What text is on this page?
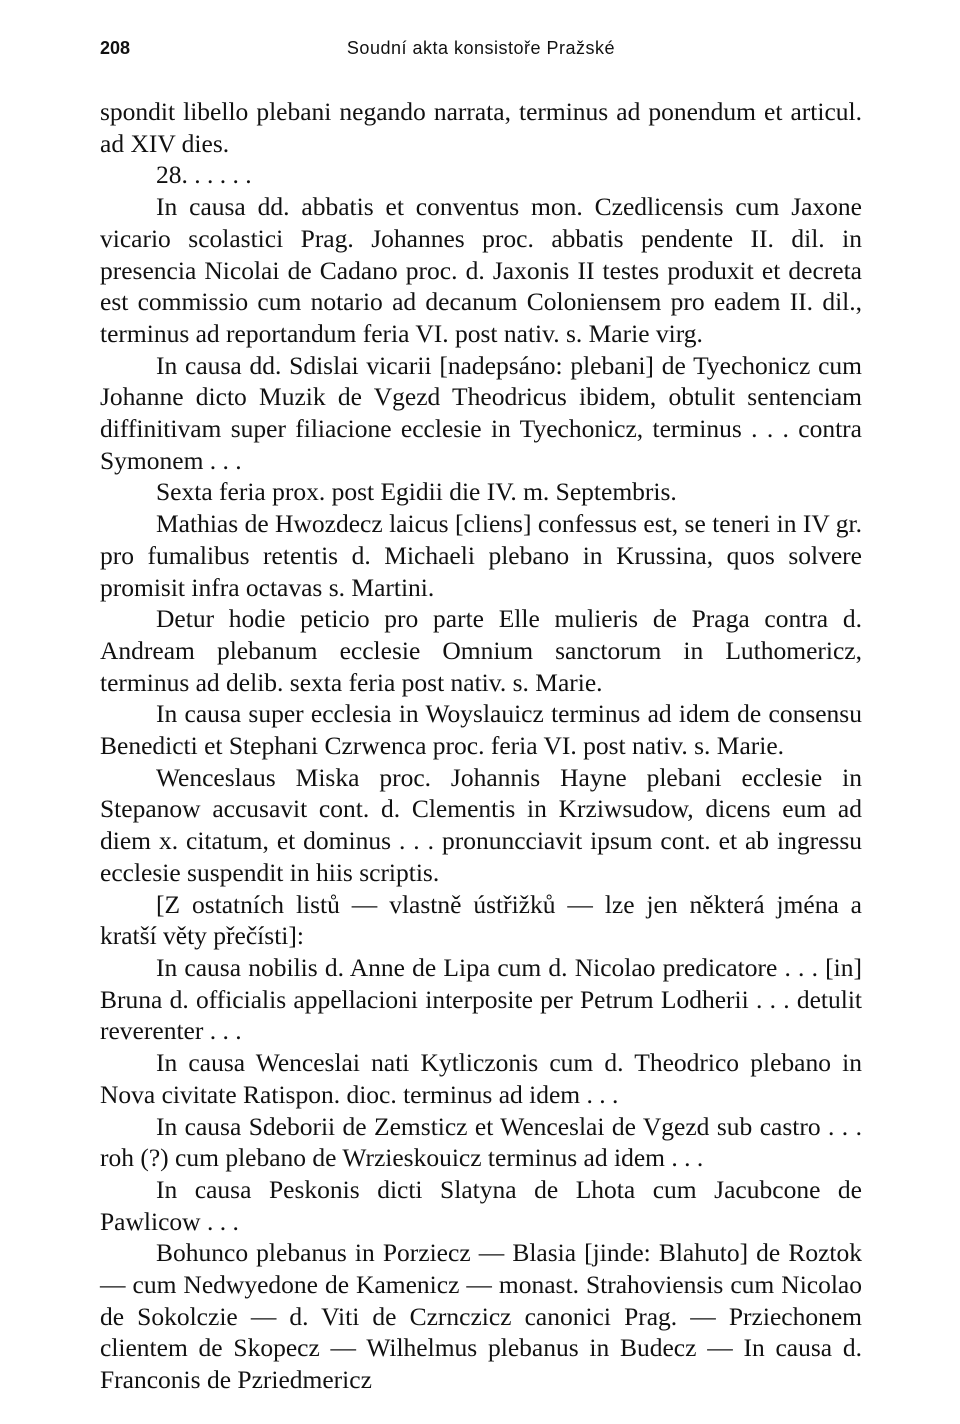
208	Soudní akta konsistoře Pražské

spondit libello plebani negando narrata, terminus ad ponendum et articul. ad XIV dies.

28. . . . . .

In causa dd. abbatis et conventus mon. Czedlicensis cum Jaxone vicario scolastici Prag. Johannes proc. abbatis pendente II. dil. in presencia Nicolai de Cadano proc. d. Jaxonis II testes produxit et decreta est commissio cum notario ad decanum Coloniensem pro eadem II. dil., terminus ad reportandum feria VI. post nativ. s. Marie virg.

In causa dd. Sdislai vicarii [nadepsáno: plebani] de Tyechonicz cum Johanne dicto Muzik de Vgezd Theodricus ibidem, obtulit sentenciam diffinitivam super filiacione ecclesie in Tyechonicz, terminus . . . contra Symonem . . .

Sexta feria prox. post Egidii die IV. m. Septembris.

Mathias de Hwozdecz laicus [cliens] confessus est, se teneri in IV gr. pro fumalibus retentis d. Michaeli plebano in Krussina, quos solvere promisit infra octavas s. Martini.

Detur hodie peticio pro parte Elle mulieris de Praga contra d. Andream plebanum ecclesie Omnium sanctorum in Luthomericz, terminus ad delib. sexta feria post nativ. s. Marie.

In causa super ecclesia in Woyslauicz terminus ad idem de consensu Benedicti et Stephani Czrwenca proc. feria VI. post nativ. s. Marie.

Wenceslaus Miska proc. Johannis Hayne plebani ecclesie in Stepanow accusavit cont. d. Clementis in Krziwsudow, dicens eum ad diem x. citatum, et dominus . . . pronuncciavit ipsum cont. et ab ingressu ecclesie suspendit in hiis scriptis.

[Z ostatních listů — vlastně ústřižků — lze jen některá jména a kratší věty přečísti]:

In causa nobilis d. Anne de Lipa cum d. Nicolao predicatore . . . [in] Bruna d. officialis appellacioni interposite per Petrum Lodherii . . . detulit reverenter . . .

In causa Wenceslai nati Kytliczonis cum d. Theodrico plebano in Nova civitate Ratispon. dioc. terminus ad idem . . .

In causa Sdeborii de Zemsticz et Wenceslai de Vgezd sub castro . . . roh (?) cum plebano de Wrzieskouicz terminus ad idem . . .

In causa Peskonis dicti Slatyna de Lhota cum Jacubcone de Pawlicow . . .

Bohunco plebanus in Porziecz — Blasia [jinde: Blahuto] de Roztok — cum Nedwyedone de Kamenicz — monast. Strahoviensis cum Nicolao de Sokolczie — d. Viti de Czrnczicz canonici Prag. — Prziechonem clientem de Skopecz — Wilhelmus plebanus in Budecz — In causa d. Franconis de Pzriedmericz
